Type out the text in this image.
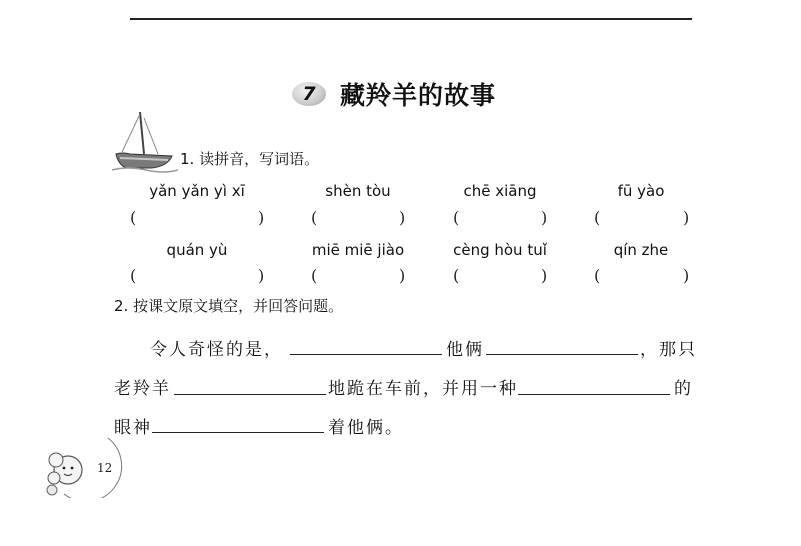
7 藏羚羊的故事
1. 读拼音，写词语。
yǎn yǎn yì xī	shèn tòu	chē xiāng	fū yào
(	)	(	)	(	)	(	)
quán yù	miē miē jiào	cèng hòu tuǐ	qín zhe
(	)	(	)	(	)	(	)
2. 按课文原文填空，并回答问题。
令人奇怪的是，	他俩	，那只
老羚羊	地跪在车前，并用一种	的
眼神	着他俩。
12
